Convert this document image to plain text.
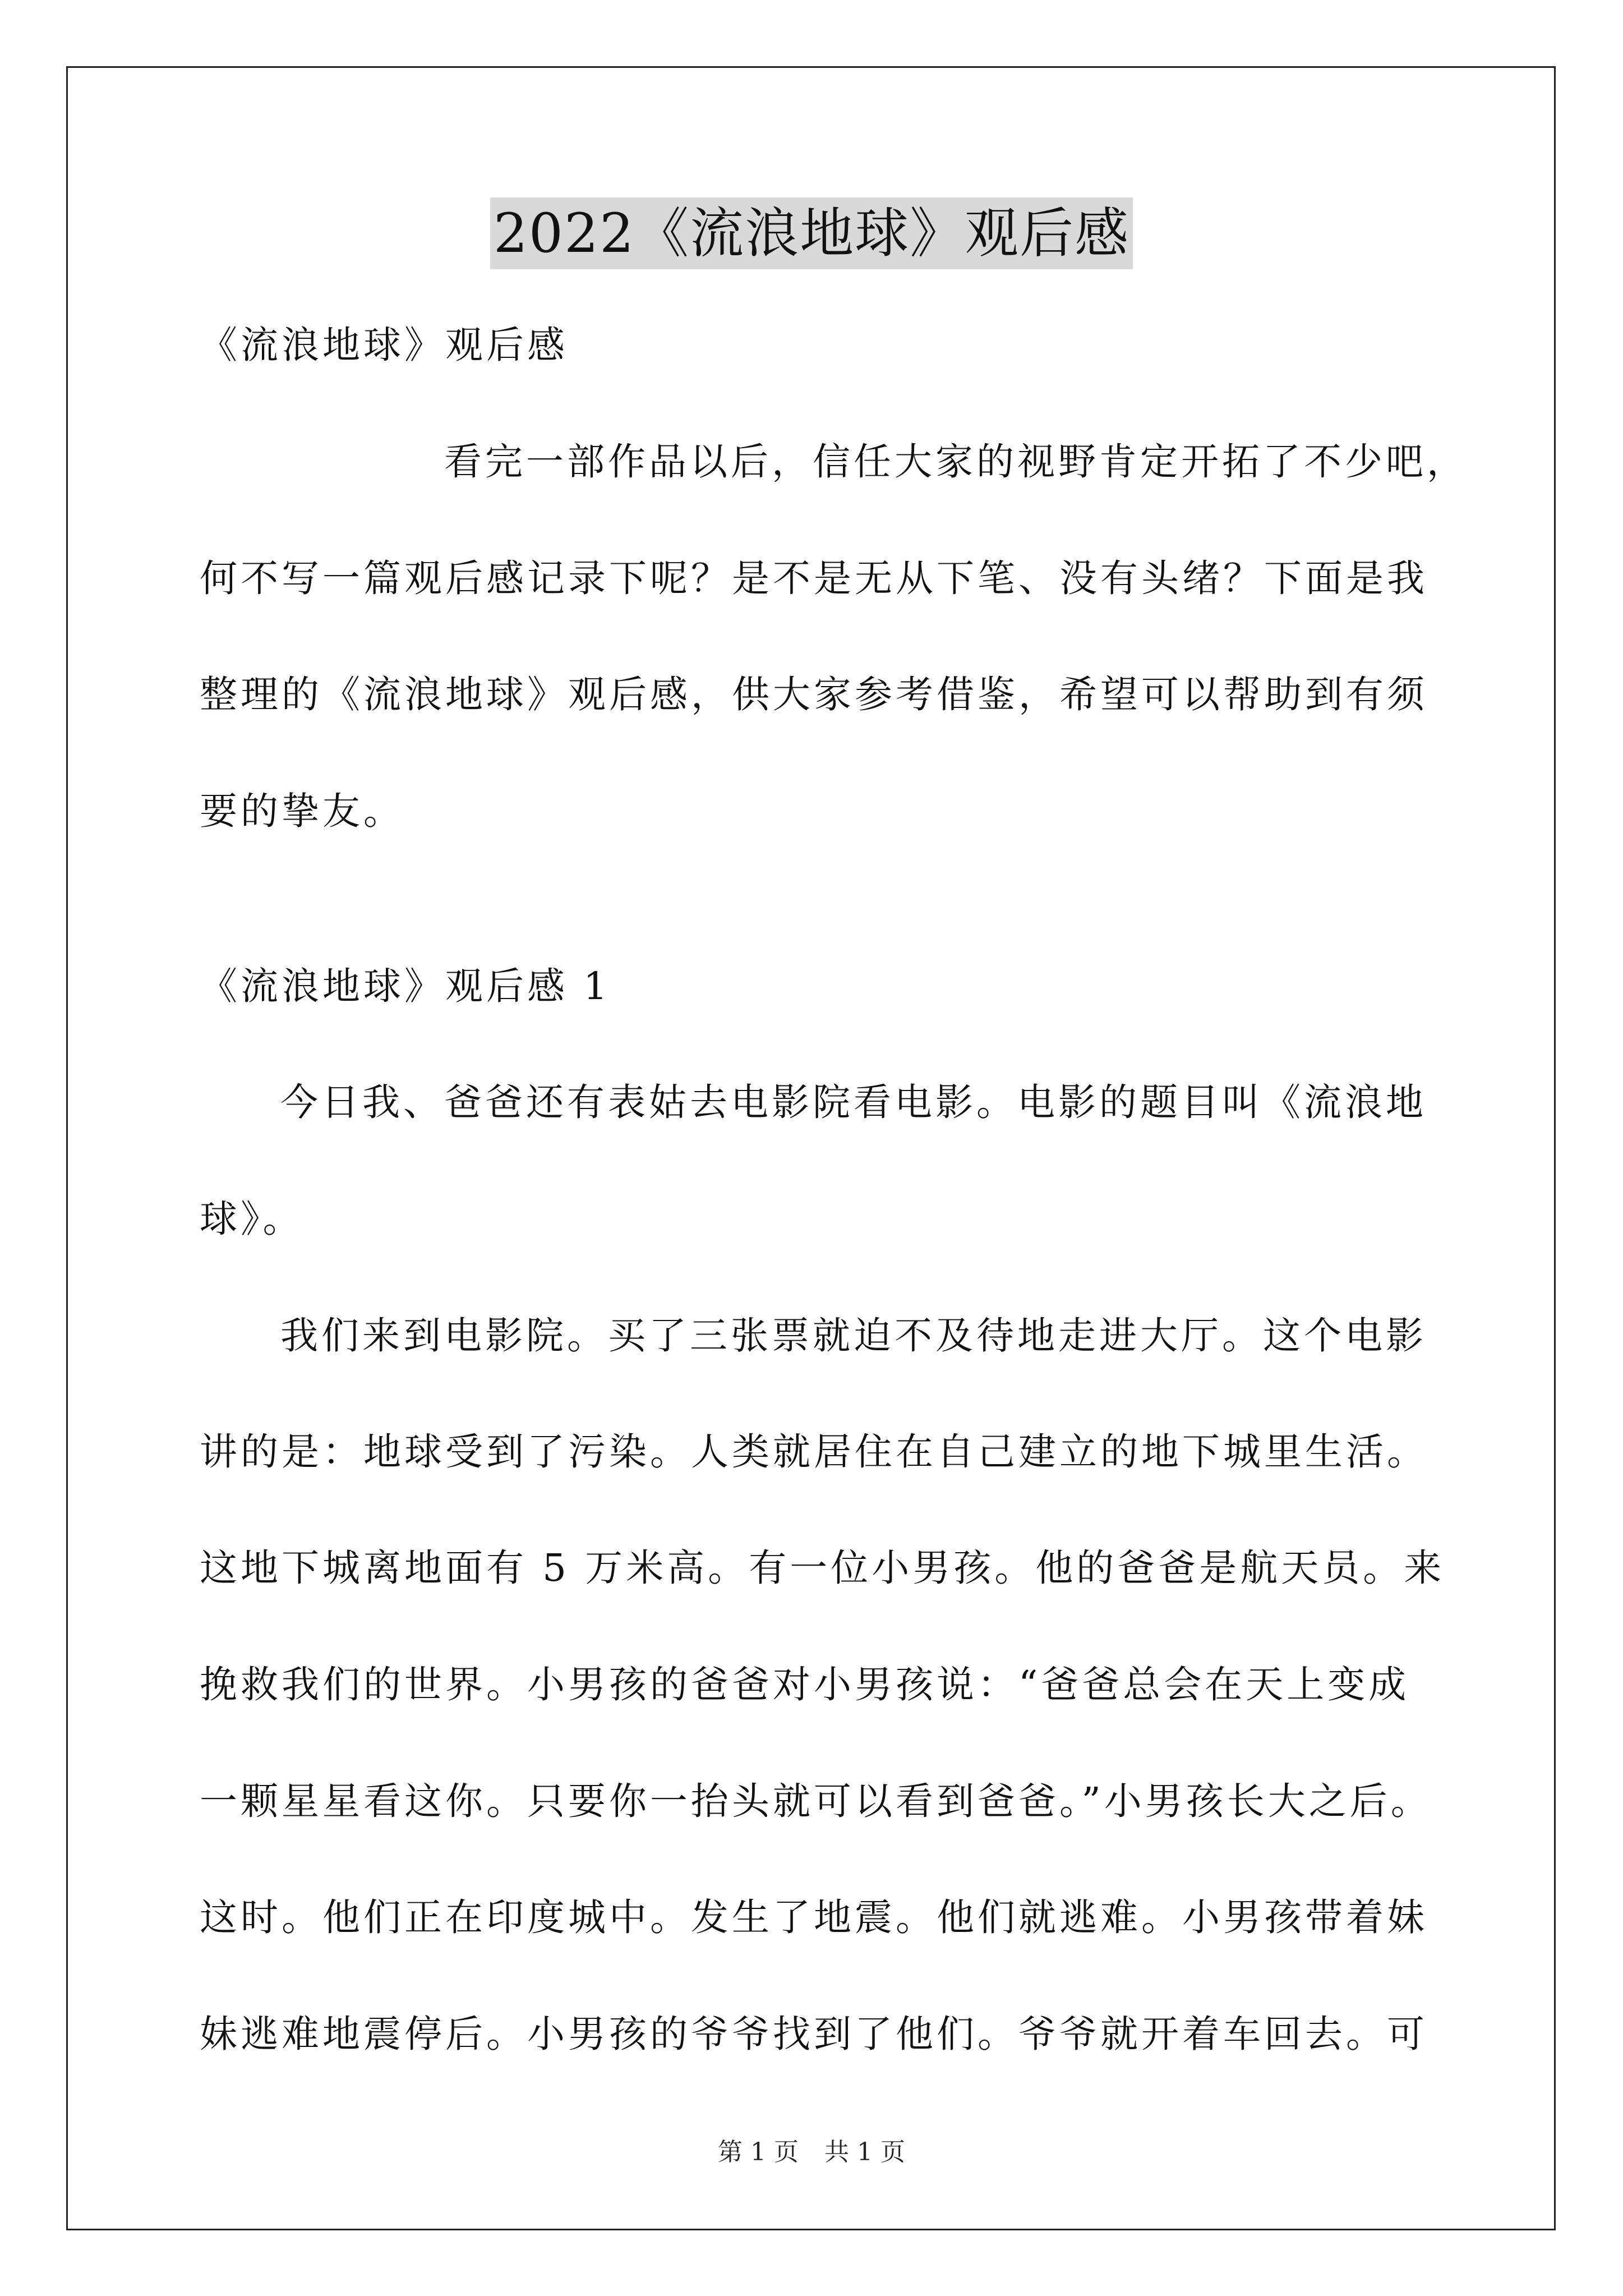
2022《流浪地球》观后感
《流浪地球》观后感
看完一部作品以后，信任大家的视野肯定开拓了不少吧，
何不写一篇观后感记录下呢？是不是无从下笔、没有头绪？下面是我
整理的《流浪地球》观后感，供大家参考借鉴，希望可以帮助到有须
要的挚友。
《流浪地球》观后感 1
今日我、爸爸还有表姑去电影院看电影。电影的题目叫《流浪地
球》。
我们来到电影院。买了三张票就迫不及待地走进大厅。这个电影
讲的是：地球受到了污染。人类就居住在自己建立的地下城里生活。
这地下城离地面有 5 万米高。有一位小男孩。他的爸爸是航天员。来
挽救我们的世界。小男孩的爸爸对小男孩说：“爸爸总会在天上变成
一颗星星看这你。只要你一抬头就可以看到爸爸。”小男孩长大之后。
这时。他们正在印度城中。发生了地震。他们就逃难。小男孩带着妹
妹逃难地震停后。小男孩的爷爷找到了他们。爷爷就开着车回去。可
第 1 页 共 1 页
